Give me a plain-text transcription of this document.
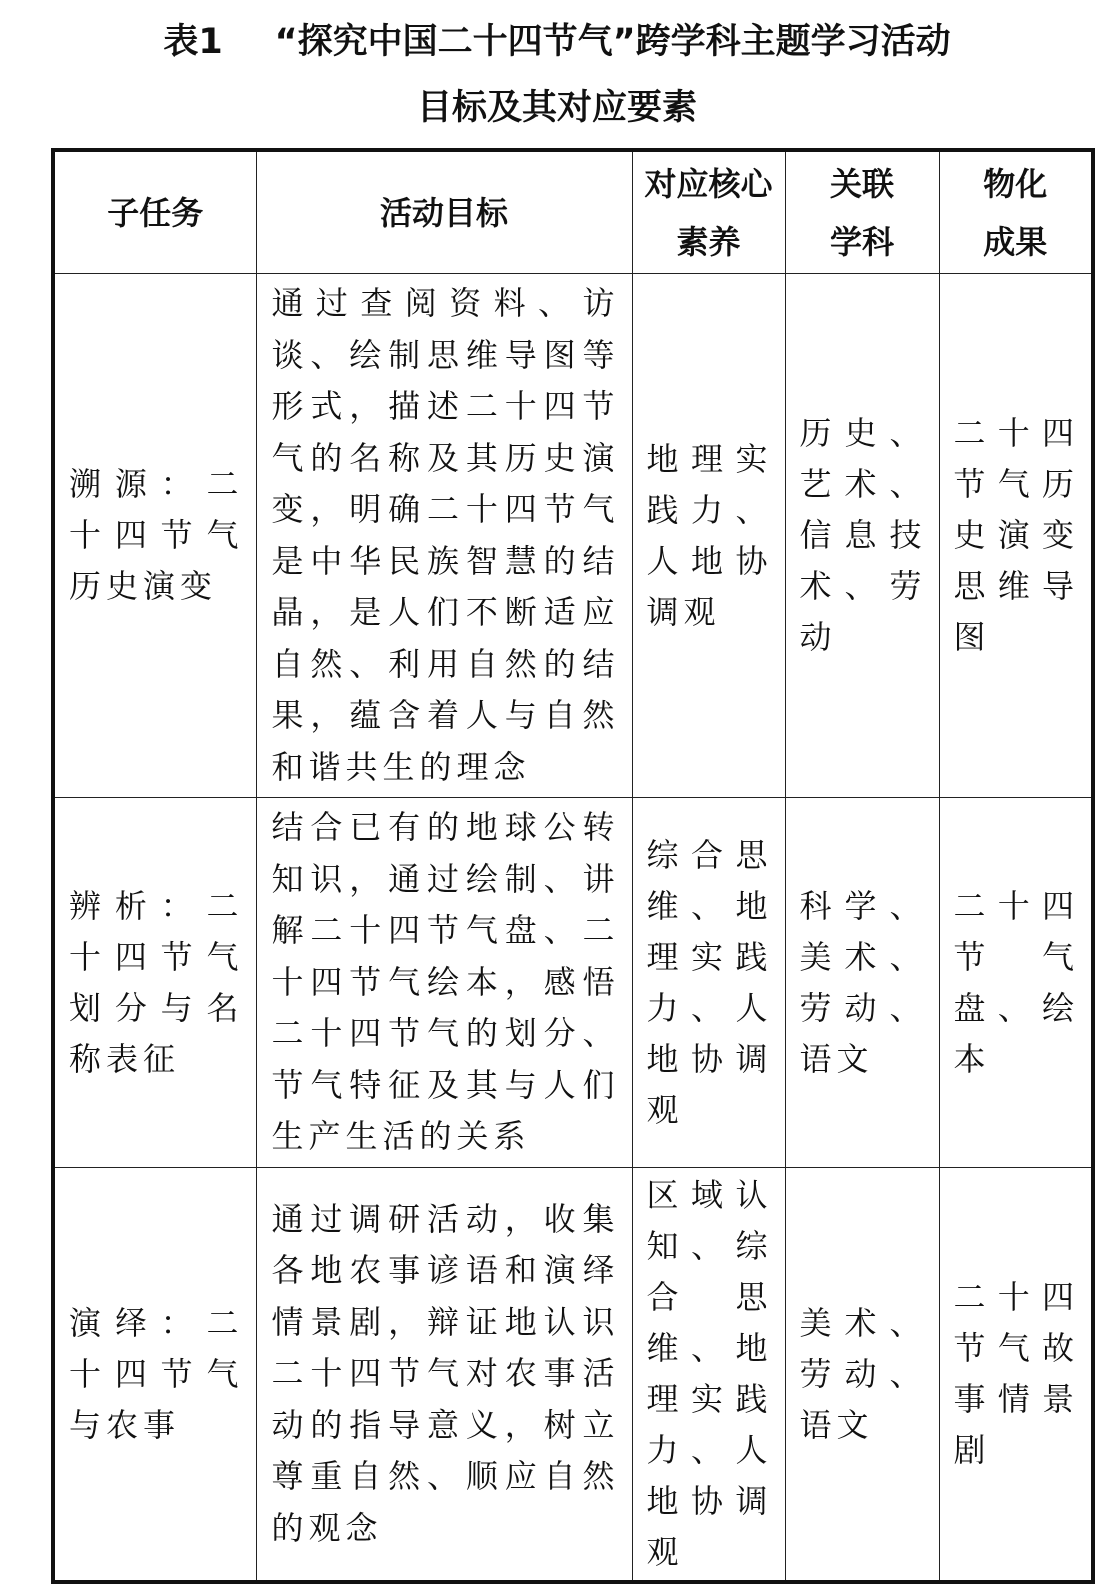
表1 “探究中国二十四节气”跨学科主题学习活动
目标及其对应要素
子任务	活动目标	对应核心素养	关联学科	物化成果
溯源：二十四节气历史演变	通过查阅资料、访谈、绘制思维导图等形式，描述二十四节气的名称及其历史演变，明确二十四节气是中华民族智慧的结晶，是人们不断适应自然、利用自然的结果，蕴含着人与自然和谐共生的理念	地理实践力、人地协调观	历史、艺术、信息技术、劳动	二十四节气历史演变思维导图
辨析：二十四节气划分与名称表征	结合已有的地球公转知识，通过绘制、讲解二十四节气盘、二十四节气绘本，感悟二十四节气的划分、节气特征及其与人们生产生活的关系	综合思维、地理实践力、人地协调观	科学、美术、劳动、语文	二十四节气盘、绘本
演绎：二十四节气与农事	通过调研活动，收集各地农事谚语和演绎情景剧，辩证地认识二十四节气对农事活动的指导意义，树立尊重自然、顺应自然的观念	区域认知、综合思维、地理实践力、人地协调观	美术、劳动、语文	二十四节气故事情景剧
